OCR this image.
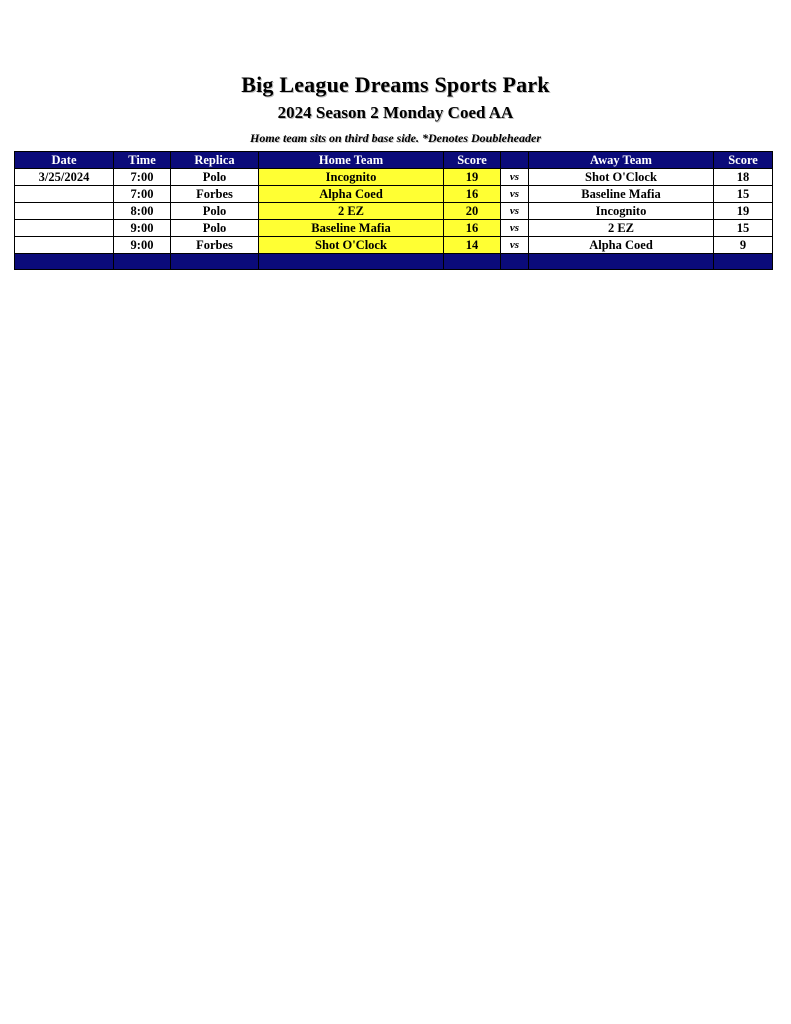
Big League Dreams Sports Park
2024 Season 2 Monday Coed AA
Home team sits on third base side. *Denotes Doubleheader
Date	Time	Replica	Home Team	Score		Away Team	Score
3/25/2024	7:00	Polo	Incognito	19	vs	Shot O'Clock	18
	7:00	Forbes	Alpha Coed	16	vs	Baseline Mafia	15
	8:00	Polo	2 EZ	20	vs	Incognito	19
	9:00	Polo	Baseline Mafia	16	vs	2 EZ	15
	9:00	Forbes	Shot O'Clock	14	vs	Alpha Coed	9
